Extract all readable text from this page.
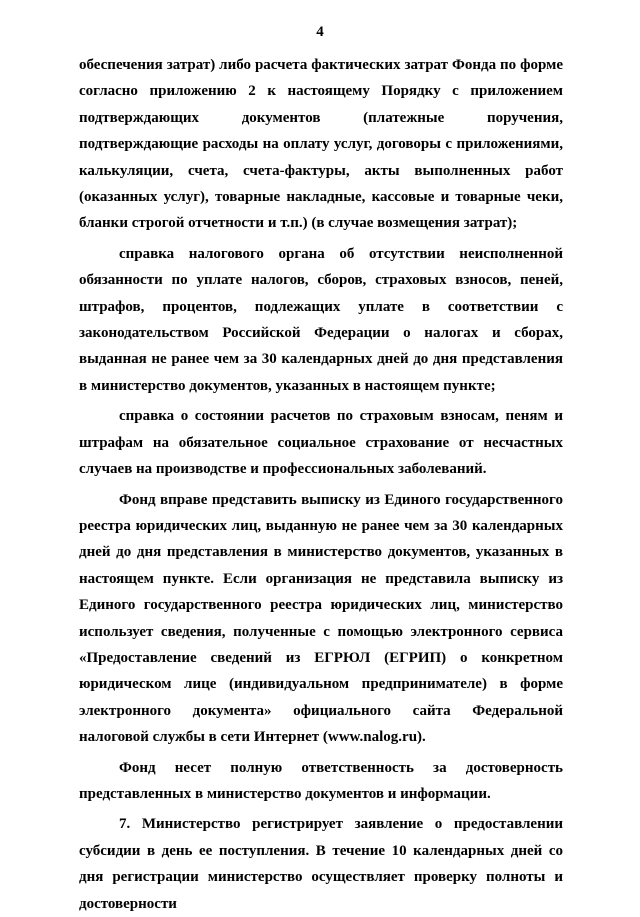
4

обеспечения затрат) либо расчета фактических затрат Фонда по форме согласно приложению 2 к настоящему Порядку с приложением подтверждающих документов (платежные поручения, подтверждающие расходы на оплату услуг, договоры с приложениями, калькуляции, счета, счета-фактуры, акты выполненных работ (оказанных услуг), товарные накладные, кассовые и товарные чеки, бланки строгой отчетности и т.п.) (в случае возмещения затрат);

справка налогового органа об отсутствии неисполненной обязанности по уплате налогов, сборов, страховых взносов, пеней, штрафов, процентов, подлежащих уплате в соответствии с законодательством Российской Федерации о налогах и сборах, выданная не ранее чем за 30 календарных дней до дня представления в министерство документов, указанных в настоящем пункте;

справка о состоянии расчетов по страховым взносам, пеням и штрафам на обязательное социальное страхование от несчастных случаев на производстве и профессиональных заболеваний.

Фонд вправе представить выписку из Единого государственного реестра юридических лиц, выданную не ранее чем за 30 календарных дней до дня представления в министерство документов, указанных в настоящем пункте. Если организация не представила выписку из Единого государственного реестра юридических лиц, министерство использует сведения, полученные с помощью электронного сервиса «Предоставление сведений из ЕГРЮЛ (ЕГРИП) о конкретном юридическом лице (индивидуальном предпринимателе) в форме электронного документа» официального сайта Федеральной налоговой службы в сети Интернет (www.nalog.ru).

Фонд несет полную ответственность за достоверность представленных в министерство документов и информации.

7. Министерство регистрирует заявление о предоставлении субсидии в день ее поступления. В течение 10 календарных дней со дня регистрации министерство осуществляет проверку полноты и достоверности
